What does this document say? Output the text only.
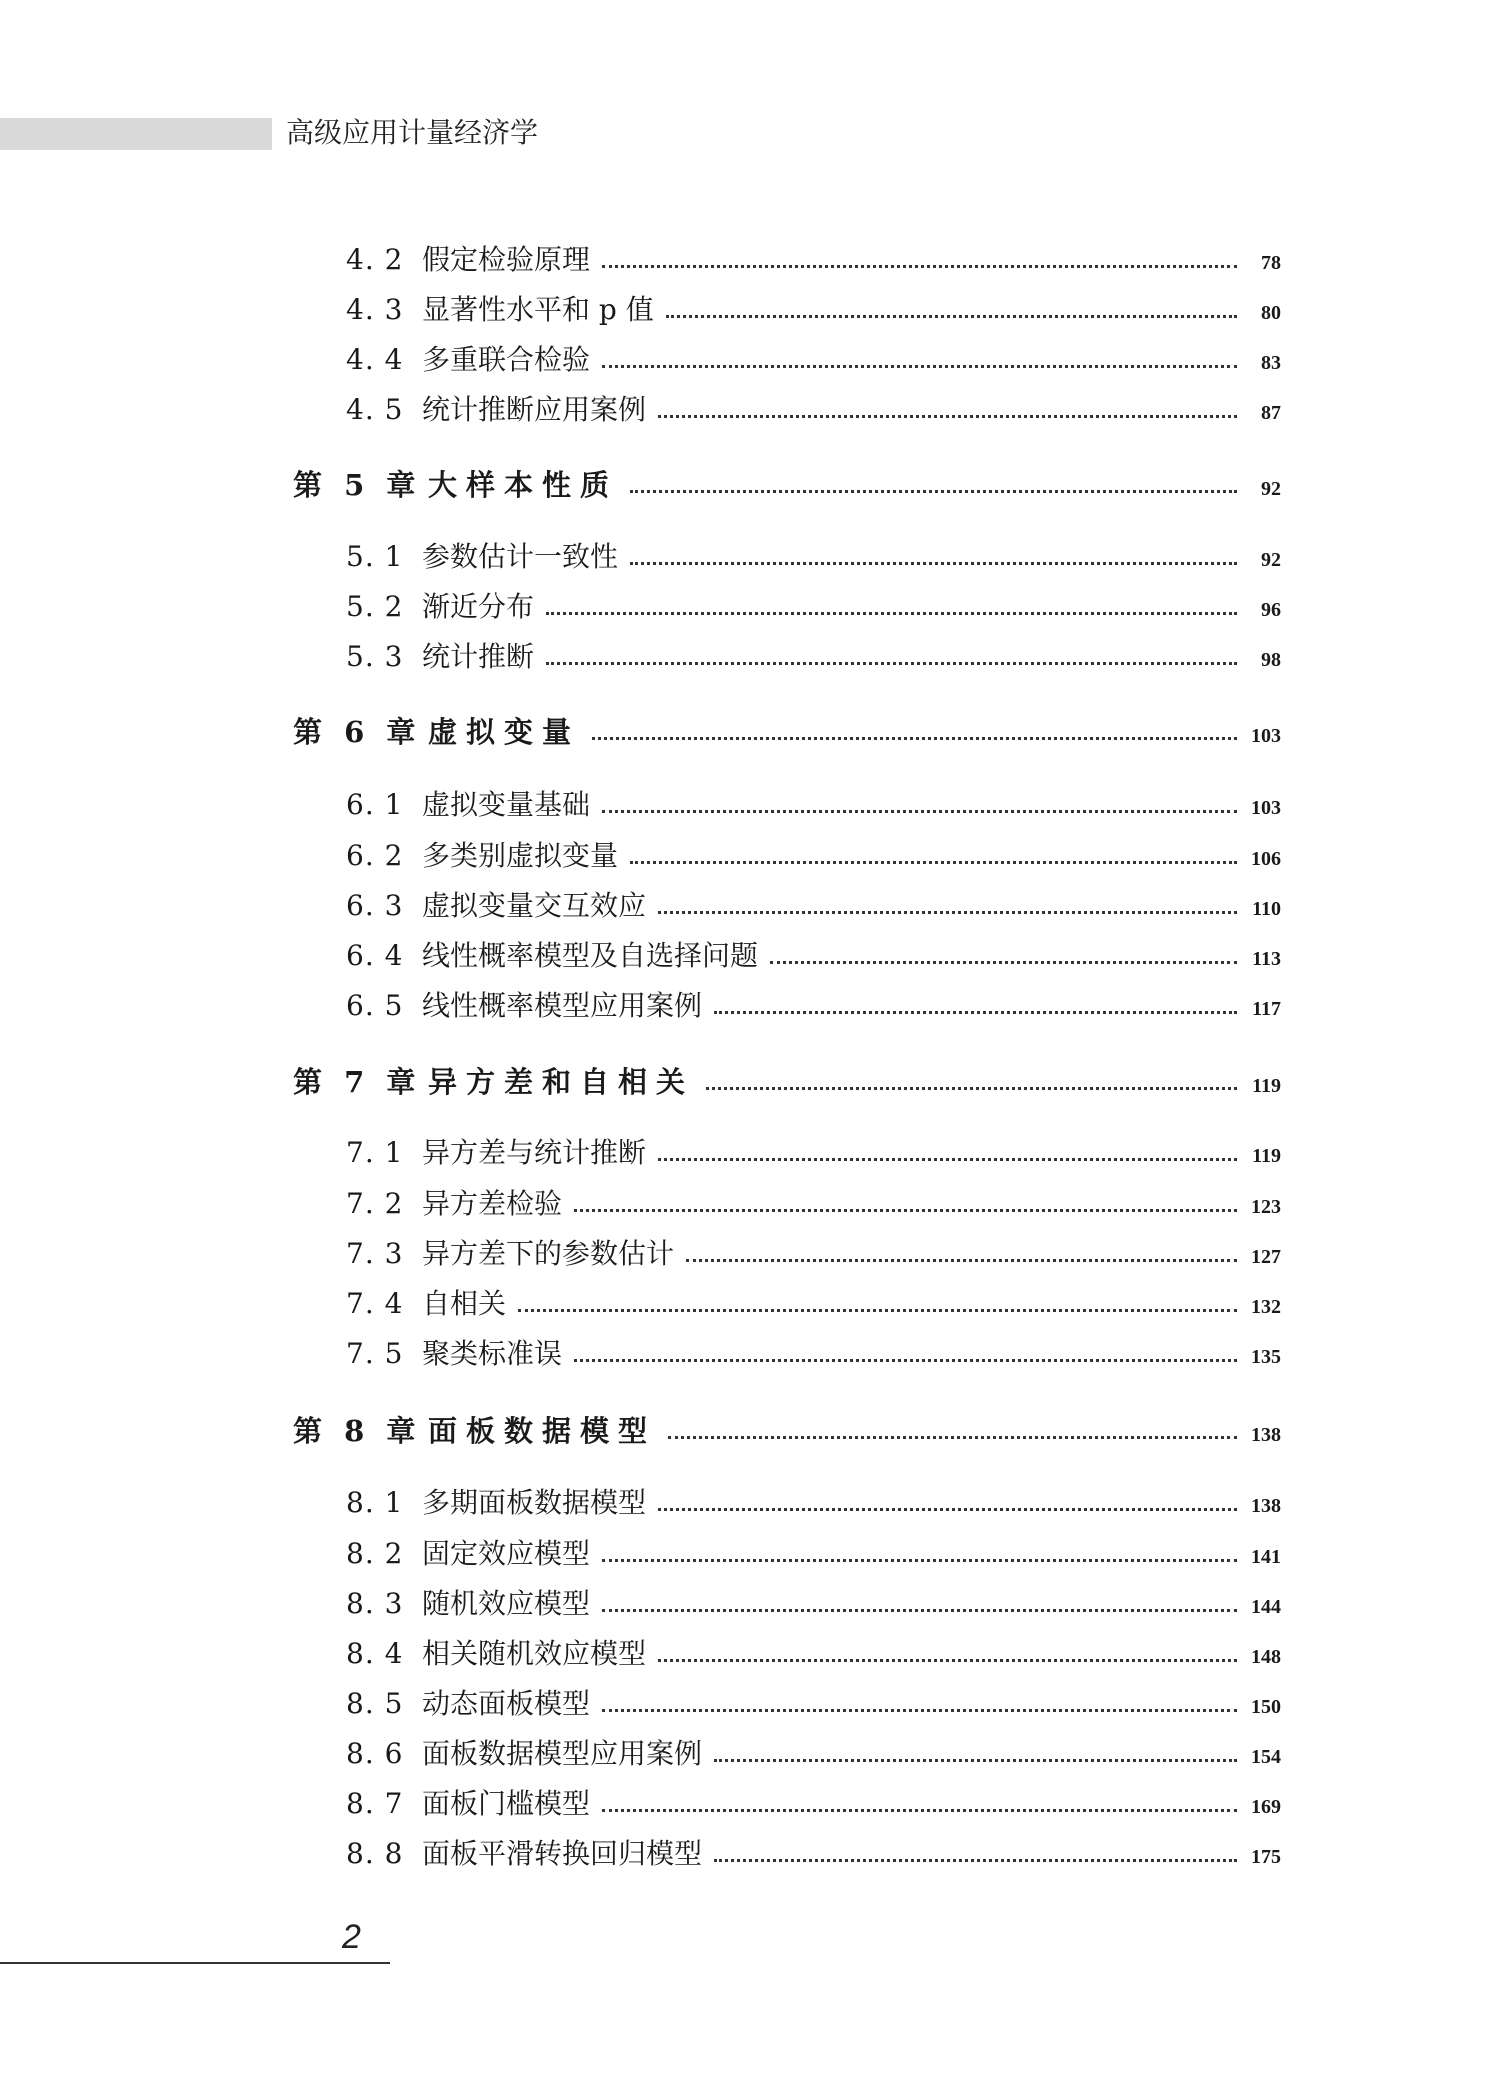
高级应用计量经济学
4. 2 假定检验原理	78
4. 3 显著性水平和 p 值	80
4. 4 多重联合检验	83
4. 5 统计推断应用案例	87
第 5 章 大样本性质	92
5. 1 参数估计一致性	92
5. 2 渐近分布	96
5. 3 统计推断	98
第 6 章 虚拟变量	103
6. 1 虚拟变量基础	103
6. 2 多类别虚拟变量	106
6. 3 虚拟变量交互效应	110
6. 4 线性概率模型及自选择问题	113
6. 5 线性概率模型应用案例	117
第 7 章 异方差和自相关	119
7. 1 异方差与统计推断	119
7. 2 异方差检验	123
7. 3 异方差下的参数估计	127
7. 4 自相关	132
7. 5 聚类标准误	135
第 8 章 面板数据模型	138
8. 1 多期面板数据模型	138
8. 2 固定效应模型	141
8. 3 随机效应模型	144
8. 4 相关随机效应模型	148
8. 5 动态面板模型	150
8. 6 面板数据模型应用案例	154
8. 7 面板门槛模型	169
8. 8 面板平滑转换回归模型	175
2
